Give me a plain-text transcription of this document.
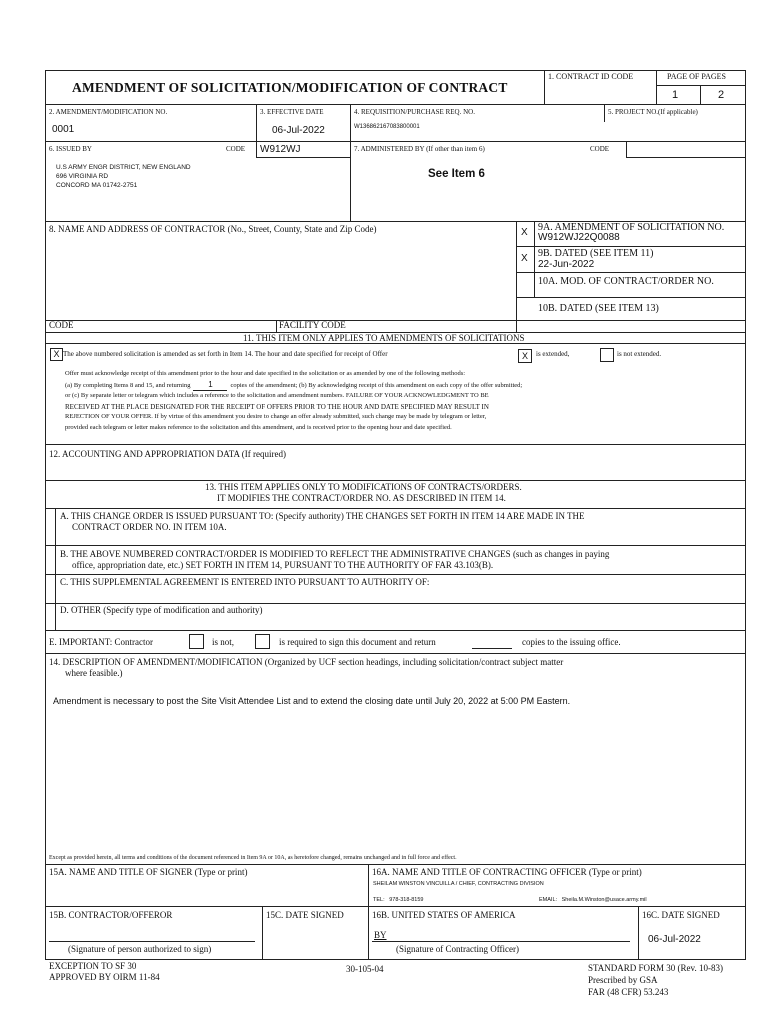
AMENDMENT OF SOLICITATION/MODIFICATION OF CONTRACT
1. CONTRACT ID CODE	PAGE OF PAGES
1	2
2. AMENDMENT/MODIFICATION NO.
0001
3. EFFECTIVE DATE
06-Jul-2022
4. REQUISITION/PURCHASE REQ. NO.
W136862167083800001
5. PROJECT NO.(If applicable)
6. ISSUED BY	CODE W912WJ	7. ADMINISTERED BY (If other than item 6)	CODE
U.S ARMY ENGR DISTRICT, NEW ENGLAND
696 VIRGINIA RD
CONCORD MA 01742-2751
See Item 6
8. NAME AND ADDRESS OF CONTRACTOR (No., Street, County, State and Zip Code)	X 9A. AMENDMENT OF SOLICITATION NO.
W912WJ22Q0088
X 9B. DATED (SEE ITEM 11)
22-Jun-2022
10A. MOD. OF CONTRACT/ORDER NO.
10B. DATED (SEE ITEM 13)
CODE	FACILITY CODE
11. THIS ITEM ONLY APPLIES TO AMENDMENTS OF SOLICITATIONS
X The above numbered solicitation is amended as set forth in Item 14. The hour and date specified for receipt of Offer	X	is extended,	is not extended.
Offer must acknowledge receipt of this amendment prior to the hour and date specified in the solicitation or as amended by one of the following methods:
(a) By completing Items 8 and 15, and returning 1	copies of the amendment; (b) By acknowledging receipt of this amendment on each copy of the offer submitted;
or (c) By separate letter or telegram which includes a reference to the solicitation and amendment numbers. FAILURE OF YOUR ACKNOWLEDGMENT TO BE
RECEIVED AT THE PLACE DESIGNATED FOR THE RECEIPT OF OFFERS PRIOR TO THE HOUR AND DATE SPECIFIED MAY RESULT IN
REJECTION OF YOUR OFFER. If by virtue of this amendment you desire to change an offer already submitted, such change may be made by telegram or letter,
provided each telegram or letter makes reference to the solicitation and this amendment, and is received prior to the opening hour and date specified.
12. ACCOUNTING AND APPROPRIATION DATA (If required)
13. THIS ITEM APPLIES ONLY TO MODIFICATIONS OF CONTRACTS/ORDERS.
IT MODIFIES THE CONTRACT/ORDER NO. AS DESCRIBED IN ITEM 14.
A. THIS CHANGE ORDER IS ISSUED PURSUANT TO: (Specify authority) THE CHANGES SET FORTH IN ITEM 14 ARE MADE IN THE
CONTRACT ORDER NO. IN ITEM 10A.
B. THE ABOVE NUMBERED CONTRACT/ORDER IS MODIFIED TO REFLECT THE ADMINISTRATIVE CHANGES (such as changes in paying
office, appropriation date, etc.) SET FORTH IN ITEM 14, PURSUANT TO THE AUTHORITY OF FAR 43.103(B).
C. THIS SUPPLEMENTAL AGREEMENT IS ENTERED INTO PURSUANT TO AUTHORITY OF:
D. OTHER (Specify type of modification and authority)
E. IMPORTANT: Contractor	is not,	is required to sign this document and return	copies to the issuing office.
14. DESCRIPTION OF AMENDMENT/MODIFICATION (Organized by UCF section headings, including solicitation/contract subject matter
where feasible.)
Amendment is necessary to post the Site Visit Attendee List and to extend the closing date until July 20, 2022 at 5:00 PM Eastern.
Except as provided herein, all terms and conditions of the document referenced in Item 9A or 10A, as heretofore changed, remains unchanged and in full force and effect.
15A. NAME AND TITLE OF SIGNER (Type or print)	16A. NAME AND TITLE OF CONTRACTING OFFICER (Type or print)
SHEILAM WINSTON VINCUILLA / CHIEF, CONTRACTING DIVISION
TEL: 978-318-8159	EMAIL: Sheila.M.Winston@usace.army.mil
15B. CONTRACTOR/OFFEROR	15C. DATE SIGNED	16B. UNITED STATES OF AMERICA	16C. DATE SIGNED
(Signature of person authorized to sign)
BY
(Signature of Contracting Officer)
06-Jul-2022
EXCEPTION TO SF 30
APPROVED BY OIRM 11-84
30-105-04	STANDARD FORM 30 (Rev. 10-83)
Prescribed by GSA
FAR (48 CFR) 53.243
